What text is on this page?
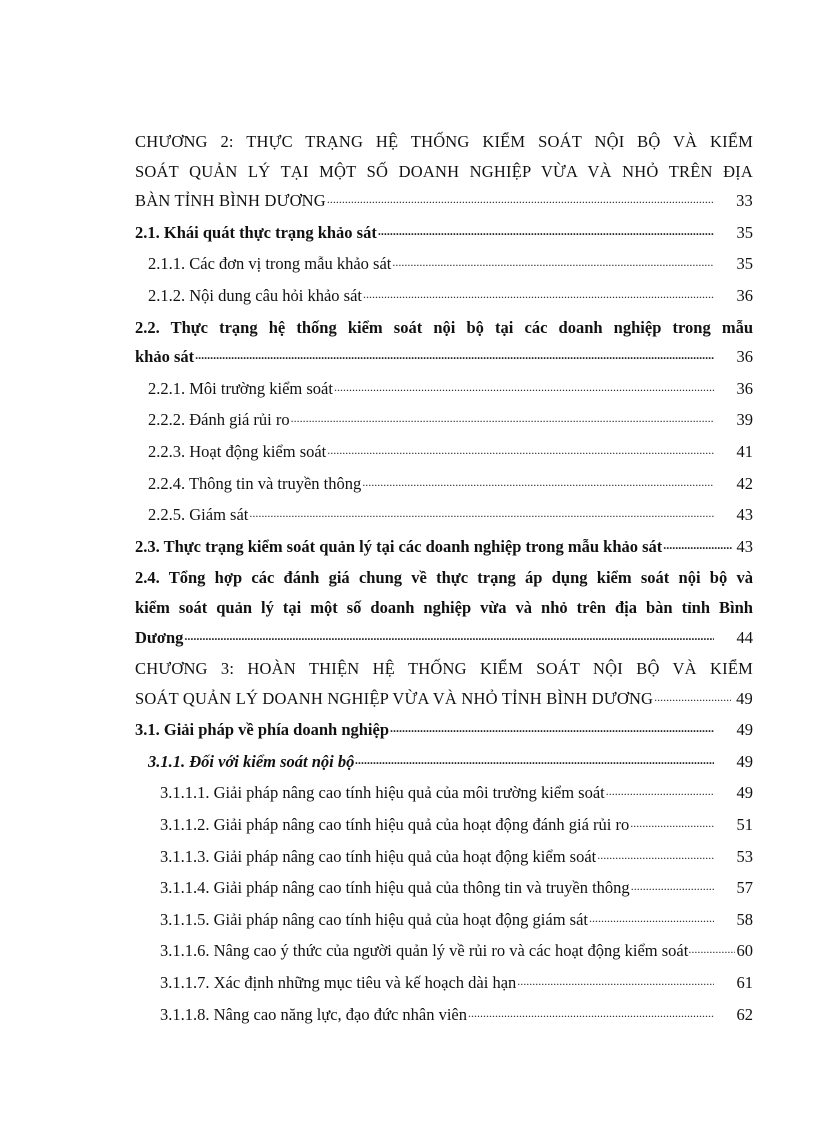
CHƯƠNG 2: THỰC TRẠNG HỆ THỐNG KIỂM SOÁT NỘI BỘ VÀ KIỂM
SOÁT QUẢN LÝ TẠI MỘT SỐ DOANH NGHIỆP VỪA VÀ NHỎ TRÊN ĐỊA
BÀN TỈNH BÌNH DƯƠNG .....	33
2.1. Khái quát thực trạng khảo sát .....	35
2.1.1. Các đơn vị trong mẫu khảo sát .....	35
2.1.2. Nội dung câu hỏi khảo sát .....	36
2.2. Thực trạng hệ thống kiểm soát nội bộ tại các doanh nghiệp trong mẫu
khảo sát .....	36
2.2.1. Môi trường kiểm soát .....	36
2.2.2. Đánh giá rủi ro .....	39
2.2.3. Hoạt động kiểm soát .....	41
2.2.4. Thông tin và truyền thông .....	42
2.2.5. Giám sát .....	43
2.3. Thực trạng kiểm soát quản lý tại các doanh nghiệp trong mẫu khảo sát .....	43
2.4. Tổng hợp các đánh giá chung về thực trạng áp dụng kiểm soát nội bộ và
kiểm soát quản lý tại một số doanh nghiệp vừa và nhỏ trên địa bàn tỉnh Bình
Dương .....	44
CHƯƠNG 3: HOÀN THIỆN HỆ THỐNG KIỂM SOÁT NỘI BỘ VÀ KIỂM
SOÁT QUẢN LÝ DOANH NGHIỆP VỪA VÀ NHỎ TỈNH BÌNH DƯƠNG .....	49
3.1. Giải pháp về phía doanh nghiệp .....	49
3.1.1. Đối với kiểm soát nội bộ .....	49
3.1.1.1. Giải pháp nâng cao tính hiệu quả của môi trường kiểm soát .....	49
3.1.1.2. Giải pháp nâng cao tính hiệu quả của hoạt động đánh giá rủi ro .....	51
3.1.1.3. Giải pháp nâng cao tính hiệu quả của hoạt động kiểm soát .....	53
3.1.1.4. Giải pháp nâng cao tính hiệu quả của thông tin và truyền thông .....	57
3.1.1.5. Giải pháp nâng cao tính hiệu quả của hoạt động giám sát .....	58
3.1.1.6. Nâng cao ý thức của người quản lý về rủi ro và các hoạt động kiểm soát .....	60
3.1.1.7. Xác định những mục tiêu và kế hoạch dài hạn .....	61
3.1.1.8. Nâng cao năng lực, đạo đức nhân viên .....	62
